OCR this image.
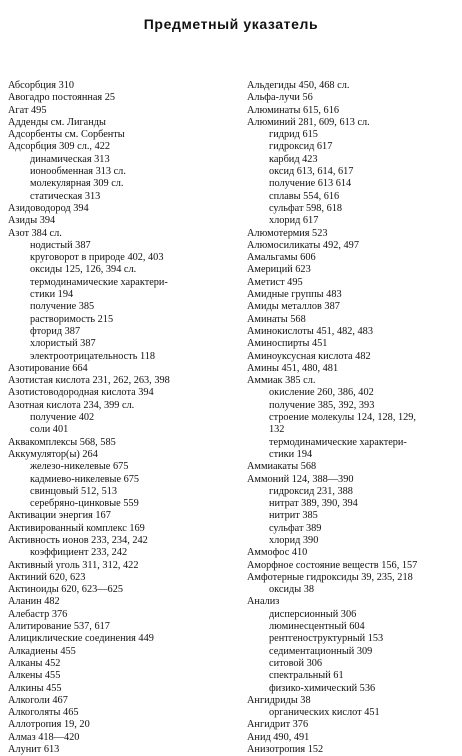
Предметный указатель
Абсорбция 310
Авогадро постоянная 25
Агат 495
Адденды см. Лиганды
Адсорбенты см. Сорбенты
Адсорбция 309 сл., 422
динамическая 313
ионообменная 313 сл.
молекулярная 309 сл.
статическая 313
Азидоводород 394
Азиды 394
Азот 384 сл.
нодистый 387
круговорот в природе 402, 403
оксиды 125, 126, 394 сл.
термодинамические характери-
стики 194
получение 385
растворимость 215
фторид 387
хлористый 387
электроотрицательность 118
Азотирование 664
Азотистая кислота 231, 262, 263, 398
Азотистоводородная кислота 394
Азотная кислота 234, 399 сл.
получение 402
соли 401
Аквакомплексы 568, 585
Аккумулятор(ы) 264
железо-никелевые 675
кадмиево-никелевые 675
свинцовый 512, 513
серебряно-цинковые 559
Активации энергия 167
Активированный комплекс 169
Активность ионов 233, 234, 242
коэффициент 233, 242
Активный уголь 311, 312, 422
Актиний 620, 623
Актиноиды 620, 623—625
Аланин 482
Алебастр 376
Алитирование 537, 617
Алициклические соединения 449
Алкадиены 455
Алканы 452
Алкены 455
Алкины 455
Алкоголи 467
Алкоголяты 465
Аллотропия 19, 20
Алмаз 418—420
Алунит 613
Альдегиды 450, 468 сл.
Альфа-лучи 56
Алюминаты 615, 616
Алюминий 281, 609, 613 сл.
гидрид 615
гидроксид 617
карбид 423
оксид 613, 614, 617
получение 613 614
сплавы 554, 616
сульфат 598, 618
хлорид 617
Алюмотермия 523
Алюмосиликаты 492, 497
Амальгамы 606
Америций 623
Аметист 495
Амидные группы 483
Амиды металлов 387
Аминаты 568
Аминокислоты 451, 482, 483
Аминоспирты 451
Аминоуксусная кислота 482
Амины 451, 480, 481
Аммиак 385 сл.
окисление 260, 386, 402
получение 385, 392, 393
строение молекулы 124, 128, 129,
132
термодинамические характери-
стики 194
Аммиакаты 568
Аммоний 124, 388—390
гидроксид 231, 388
нитрат 389, 390, 394
нитрит 385
сульфат 389
хлорид 390
Аммофос 410
Аморфное состояние веществ 156, 157
Амфотерные гидроксиды 39, 235, 218
оксиды 38
Анализ
дисперсионный 306
люминесцентный 604
рентгеноструктурный 153
седиментационный 309
ситовой 306
спектральный 61
физико-химический 536
Ангидриды 38
органических кислот 451
Ангидрит 376
Анид 490, 491
Анизотропия 152
